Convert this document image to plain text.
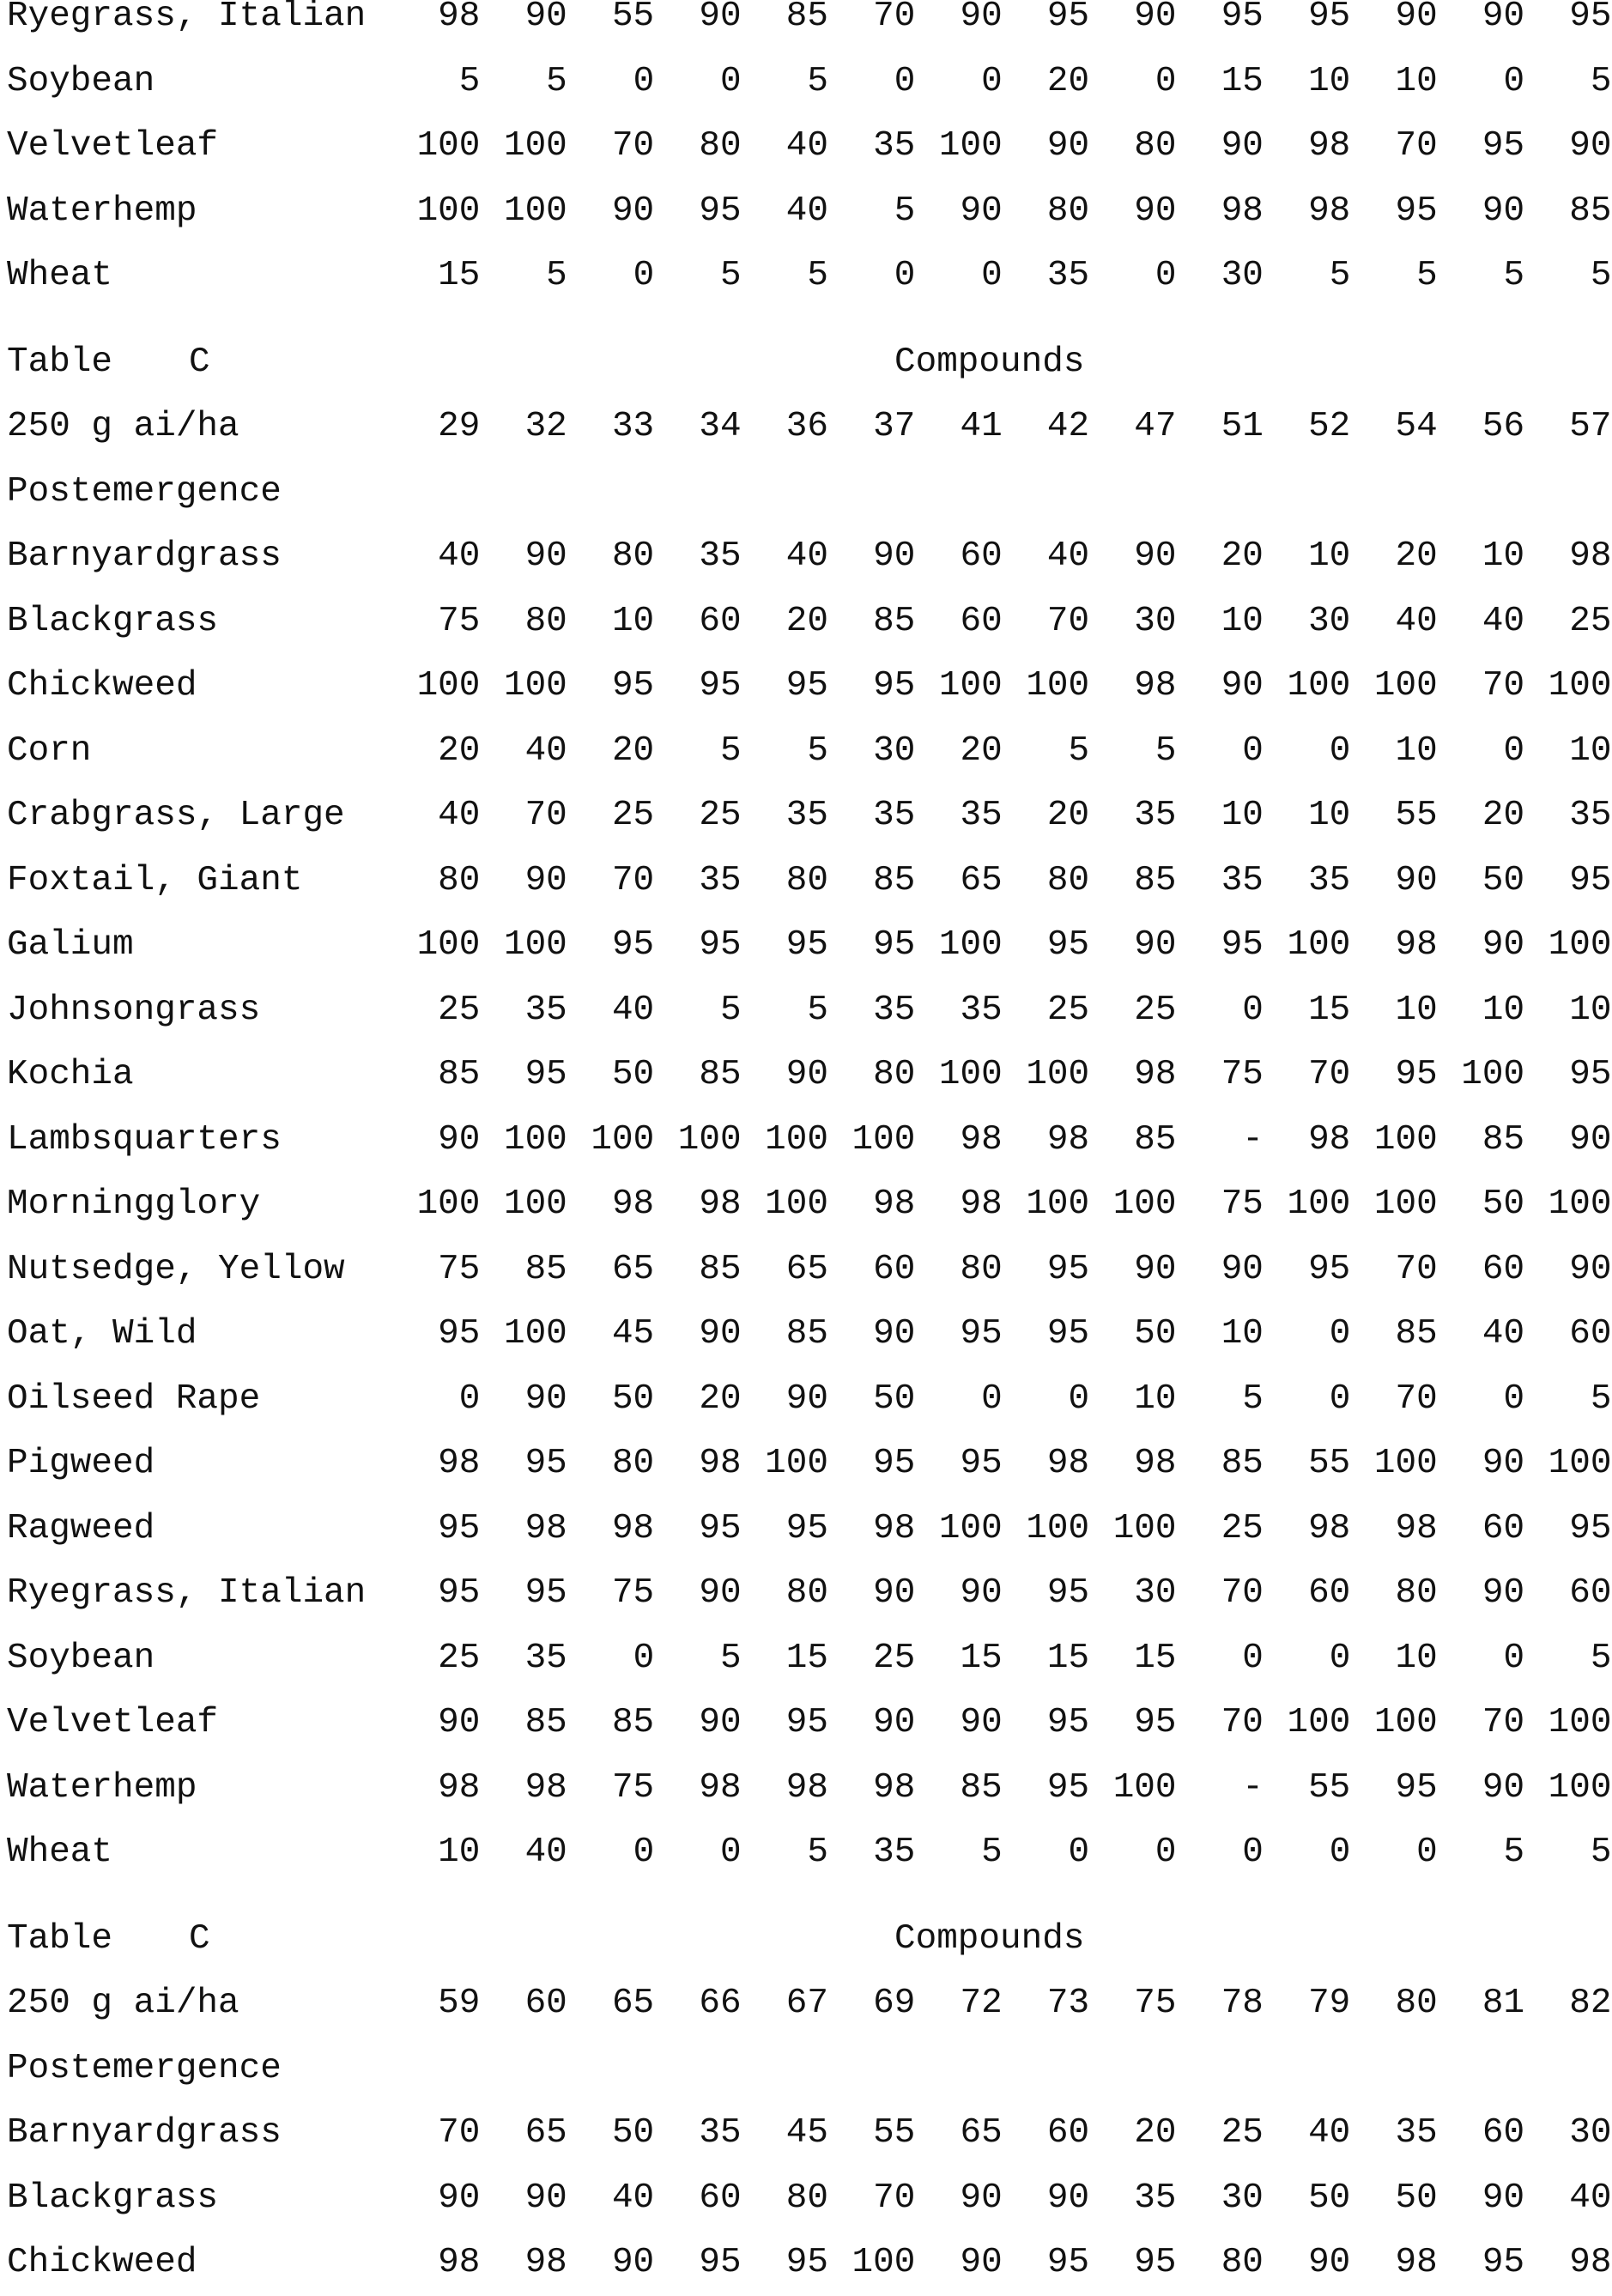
Ryegrass, Italian	98	90	55	90	85	70	90	95	90	95	95	90	90	95
Soybean	5	5	0	0	5	0	0	20	0	15	10	10	0	5
Velvetleaf	100 100	70	80	40	35 100	90	80	90	98	70	95	90
Waterhemp	100 100	90	95	40	5	90	80	90	98	98	95	90	85
Wheat	15	5	0	5	5	0	0	35	0	30	5	5	5	5
Table C	Compounds
250 g ai/ha	29	32	33	34	36	37	41	42	47	51	52	54	56	57
Postemergence
Barnyardgrass	40	90	80	35	40	90	60	40	90	20	10	20	10	98
Blackgrass	75	80	10	60	20	85	60	70	30	10	30	40	40	25
Chickweed	100 100	95	95	95	95 100 100	98	90 100 100	70 100
Corn	20	40	20	5	5	30	20	5	5	0	0	10	0	10
Crabgrass, Large	40	70	25	25	35	35	35	20	35	10	10	55	20	35
Foxtail, Giant	80	90	70	35	80	85	65	80	85	35	35	90	50	95
Galium	100 100	95	95	95	95 100	95	90	95 100	98	90 100
Johnsongrass	25	35	40	5	5	35	35	25	25	0	15	10	10	10
Kochia	85	95	50	85	90	80 100 100	98	75	70	95 100	95
Lambsquarters	90 100 100 100 100 100	98	98	85	-	98 100	85	90
Morningglory	100 100	98	98 100	98	98 100 100	75 100 100	50 100
Nutsedge, Yellow	75	85	65	85	65	60	80	95	90	90	95	70	60	90
Oat, Wild	95 100	45	90	85	90	95	95	50	10	0	85	40	60
Oilseed Rape	0	90	50	20	90	50	0	0	10	5	0	70	0	5
Pigweed	98	95	80	98 100	95	95	98	98	85	55 100	90 100
Ragweed	95	98	98	95	95	98 100 100 100	25	98	98	60	95
Ryegrass, Italian	95	95	75	90	80	90	90	95	30	70	60	80	90	60
Soybean	25	35	0	5	15	25	15	15	15	0	0	10	0	5
Velvetleaf	90	85	85	90	95	90	90	95	95	70 100 100	70 100
Waterhemp	98	98	75	98	98	98	85	95 100	-	55	95	90 100
Wheat	10	40	0	0	5	35	5	0	0	0	0	0	5	5
Table C	Compounds
250 g ai/ha	59	60	65	66	67	69	72	73	75	78	79	80	81	82
Postemergence
Barnyardgrass	70	65	50	35	45	55	65	60	20	25	40	35	60	30
Blackgrass	90	90	40	60	80	70	90	90	35	30	50	50	90	40
Chickweed	98	98	90	95	95 100	90	95	95	80	90	98	95	98
